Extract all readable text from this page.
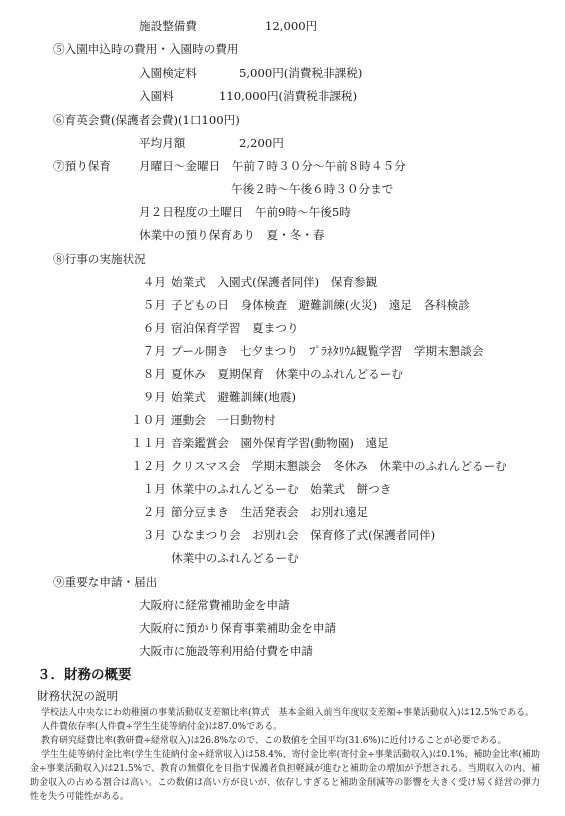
施設整備費	12,000円
⑤入園申込時の費用・入園時の費用
入園検定料	5,000円(消費税非課税)
入園料	110,000円(消費税非課税)
⑥育英会費(保護者会費)(1口100円)
平均月額	2,200円
⑦預り保育 月曜日～金曜日　午前７時３０分～午前８時４５分
午後２時～午後６時３０分まで
月２日程度の土曜日　午前9時～午後5時
休業中の預り保育あり　夏・冬・春
⑧行事の実施状況
４月 始業式　入園式(保護者同伴)　保育参観
５月 子どもの日　身体検査　避難訓練(火災)　遠足　各科検診
６月 宿泊保育学習　夏まつり
７月 プール開き　七夕まつり　ﾌﾟﾗﾈﾀﾘｳﾑ観覧学習　学期末懇談会
８月 夏休み　夏期保育　休業中のふれんどるーむ
９月 始業式　避難訓練(地震)
１０月 運動会　一日動物村
１１月 音楽鑑賞会　園外保育学習(動物園)　遠足
１２月 クリスマス会　学期末懇談会　冬休み　休業中のふれんどるーむ
１月 休業中のふれんどるーむ　始業式　餅つき
２月 節分豆まき　生活発表会　お別れ遠足
３月 ひなまつり会　お別れ会　保育修了式(保護者同伴)
休業中のふれんどるーむ
⑨重要な申請・届出
大阪府に経常費補助金を申請
大阪府に預かり保育事業補助金を申請
大阪市に施設等利用給付費を申請
３．財務の概要
財務状況の説明
学校法人中央なにわ幼稚園の事業活動収支差額比率(算式　基本金組入前当年度収支差額÷事業活動収入)は12.5%である。
人件費依存率(人件費÷学生生徒等納付金)は87.0%である。
教育研究経費比率(教研費÷経常収入)は26.8%なので、この数値を全国平均(31.6%)に近付けることが必要である。
学生生徒等納付金比率(学生生徒納付金÷経常収入)は58.4%、寄付金比率(寄付金÷事業活動収入)は0.1%、補助金比率(補助金÷事業活動収入)は21.5%で、教育の無償化を目指す保護者負担軽減が進むと補助金の増加が予想される。当期収入の内、補助金収入の占める割合は高い。この数値は高い方が良いが、依存しすぎると補助金削減等の影響を大きく受け易く経営の弾力性を失う可能性がある。
